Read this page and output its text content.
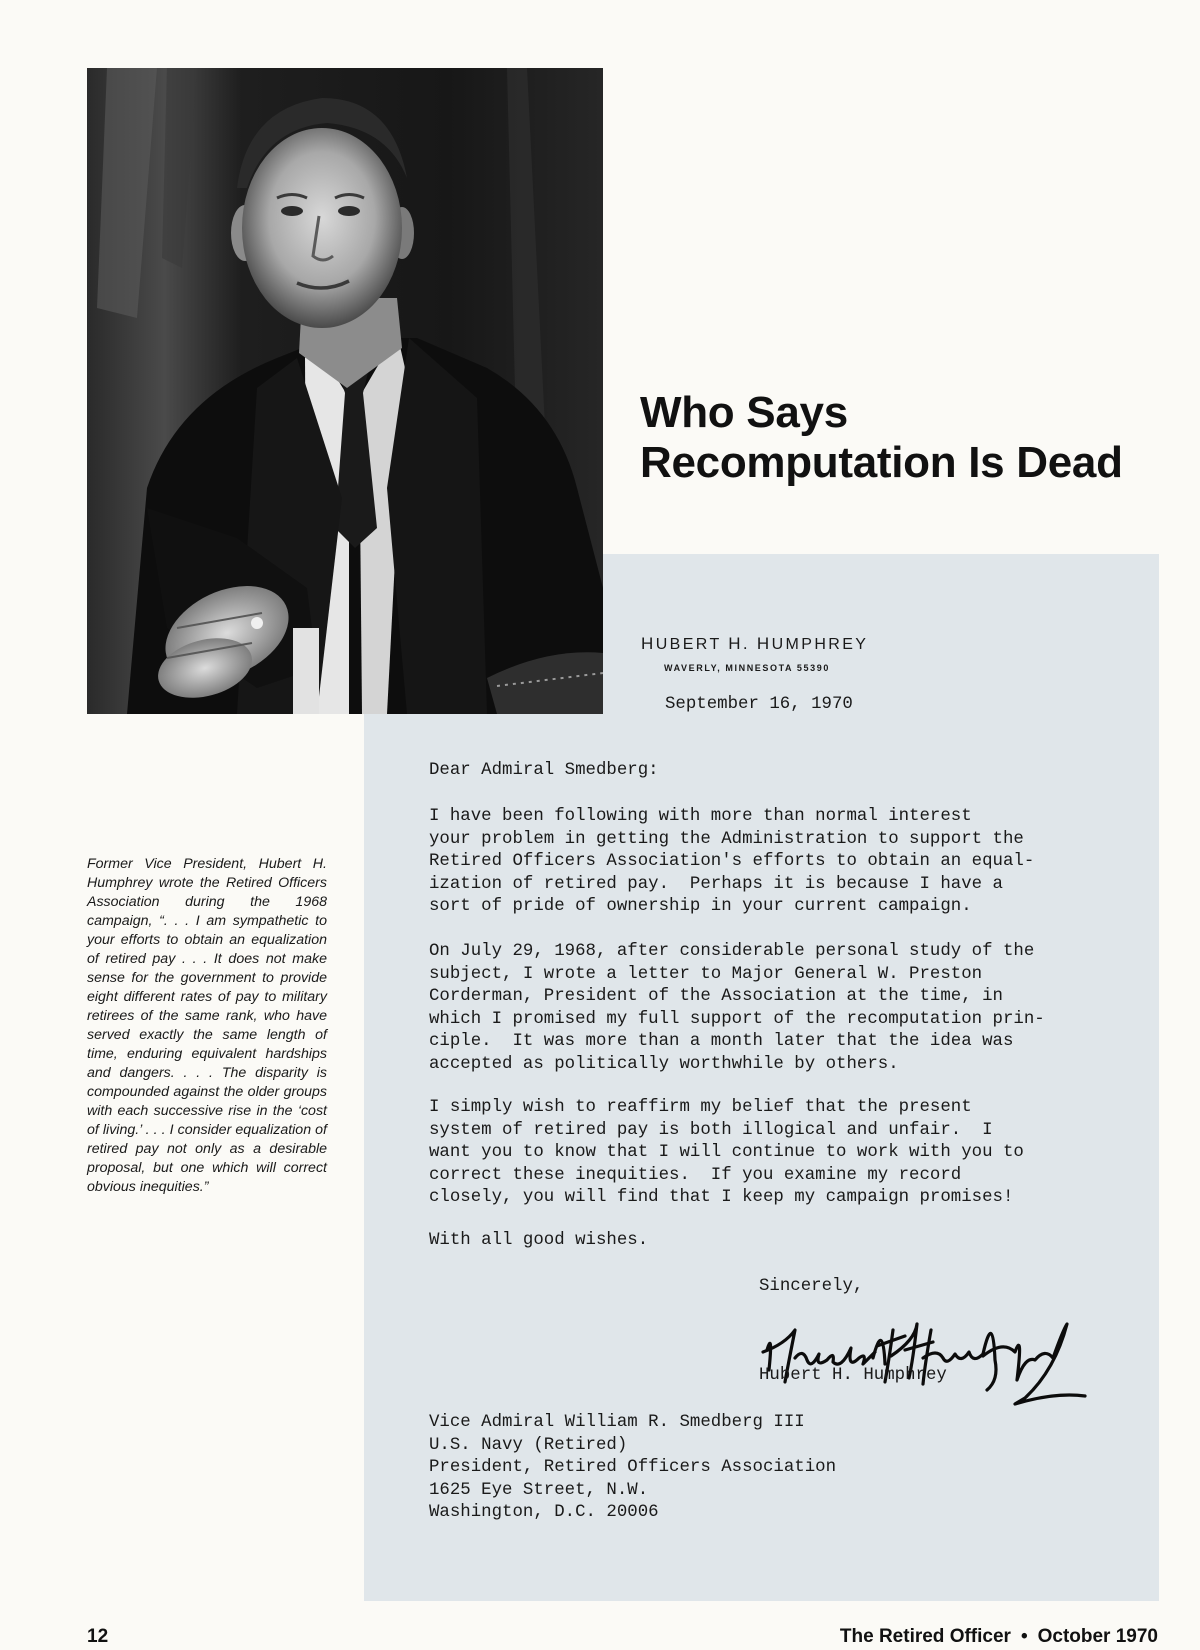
Who Says
Recomputation Is Dead
HUBERT H. HUMPHREY
WAVERLY, MINNESOTA 55390
September 16, 1970
Dear Admiral Smedberg:
I have been following with more than normal interest
your problem in getting the Administration to support the
Retired Officers Association's efforts to obtain an equal-
ization of retired pay.  Perhaps it is because I have a
sort of pride of ownership in your current campaign.
On July 29, 1968, after considerable personal study of the
subject, I wrote a letter to Major General W. Preston
Corderman, President of the Association at the time, in
which I promised my full support of the recomputation prin-
ciple.  It was more than a month later that the idea was
accepted as politically worthwhile by others.
I simply wish to reaffirm my belief that the present
system of retired pay is both illogical and unfair.  I
want you to know that I will continue to work with you to
correct these inequities.  If you examine my record
closely, you will find that I keep my campaign promises!
With all good wishes.
Sincerely,
Hubert H. Humphrey
Vice Admiral William R. Smedberg III
U.S. Navy (Retired)
President, Retired Officers Association
1625 Eye Street, N.W.
Washington, D.C. 20006
Former Vice President, Hubert H. Humphrey wrote the Retired Officers Association during the 1968 campaign, “. . . I am sympathetic to your efforts to obtain an equalization of retired pay . . . It does not make sense for the government to provide eight different rates of pay to military retirees of the same rank, who have served exactly the same length of time, enduring equivalent hardships and dangers. . . . The disparity is compounded against the older groups with each successive rise in the ‘cost of living.’ . . . I consider equalization of retired pay not only as a desirable proposal, but one which will correct obvious inequities.”
12	The Retired Officer • October 1970
